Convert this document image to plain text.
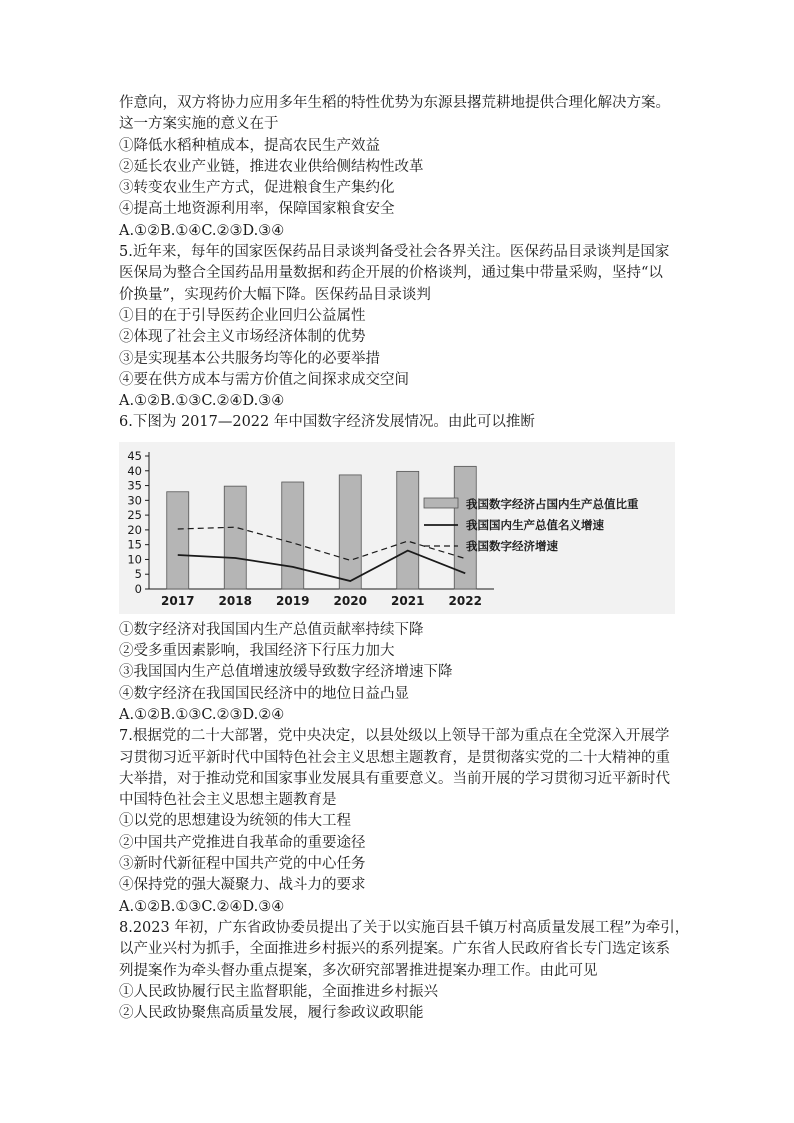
作意向，双方将协力应用多年生稻的特性优势为东源县撂荒耕地提供合理化解决方案。
这一方案实施的意义在于
①降低水稻种植成本，提高农民生产效益
②延长农业产业链，推进农业供给侧结构性改革
③转变农业生产方式，促进粮食生产集约化
④提高土地资源利用率，保障国家粮食安全
A.①②B.①④C.②③D.③④
5.近年来，每年的国家医保药品目录谈判备受社会各界关注。医保药品目录谈判是国家
医保局为整合全国药品用量数据和药企开展的价格谈判，通过集中带量采购，坚持“以
价换量”，实现药价大幅下降。医保药品目录谈判
①目的在于引导医药企业回归公益属性
②体现了社会主义市场经济体制的优势
③是实现基本公共服务均等化的必要举措
④要在供方成本与需方价值之间探求成交空间
A.①②B.①③C.②④D.③④
6.下图为 2017—2022 年中国数字经济发展情况。由此可以推断
0
5
10
15
20
25
30
35
40
45
2017 2018 2019 2020 2021 2022
我国数字经济占国内生产总值比重
我国国内生产总值名义增速
我国数字经济增速
①数字经济对我国国内生产总值贡献率持续下降
②受多重因素影响，我国经济下行压力加大
③我国国内生产总值增速放缓导致数字经济增速下降
④数字经济在我国国民经济中的地位日益凸显
A.①②B.①③C.②③D.②④
7.根据党的二十大部署，党中央决定，以县处级以上领导干部为重点在全党深入开展学
习贯彻习近平新时代中国特色社会主义思想主题教育，是贯彻落实党的二十大精神的重
大举措，对于推动党和国家事业发展具有重要意义。当前开展的学习贯彻习近平新时代
中国特色社会主义思想主题教育是
①以党的思想建设为统领的伟大工程
②中国共产党推进自我革命的重要途径
③新时代新征程中国共产党的中心任务
④保持党的强大凝聚力、战斗力的要求
A.①②B.①③C.②④D.③④
8.2023 年初，广东省政协委员提出了关于以实施百县千镇万村高质量发展工程”为牵引，
以产业兴村为抓手，全面推进乡村振兴的系列提案。广东省人民政府省长专门选定该系
列提案作为牵头督办重点提案，多次研究部署推进提案办理工作。由此可见
①人民政协履行民主监督职能，全面推进乡村振兴
②人民政协聚焦高质量发展，履行参政议政职能
